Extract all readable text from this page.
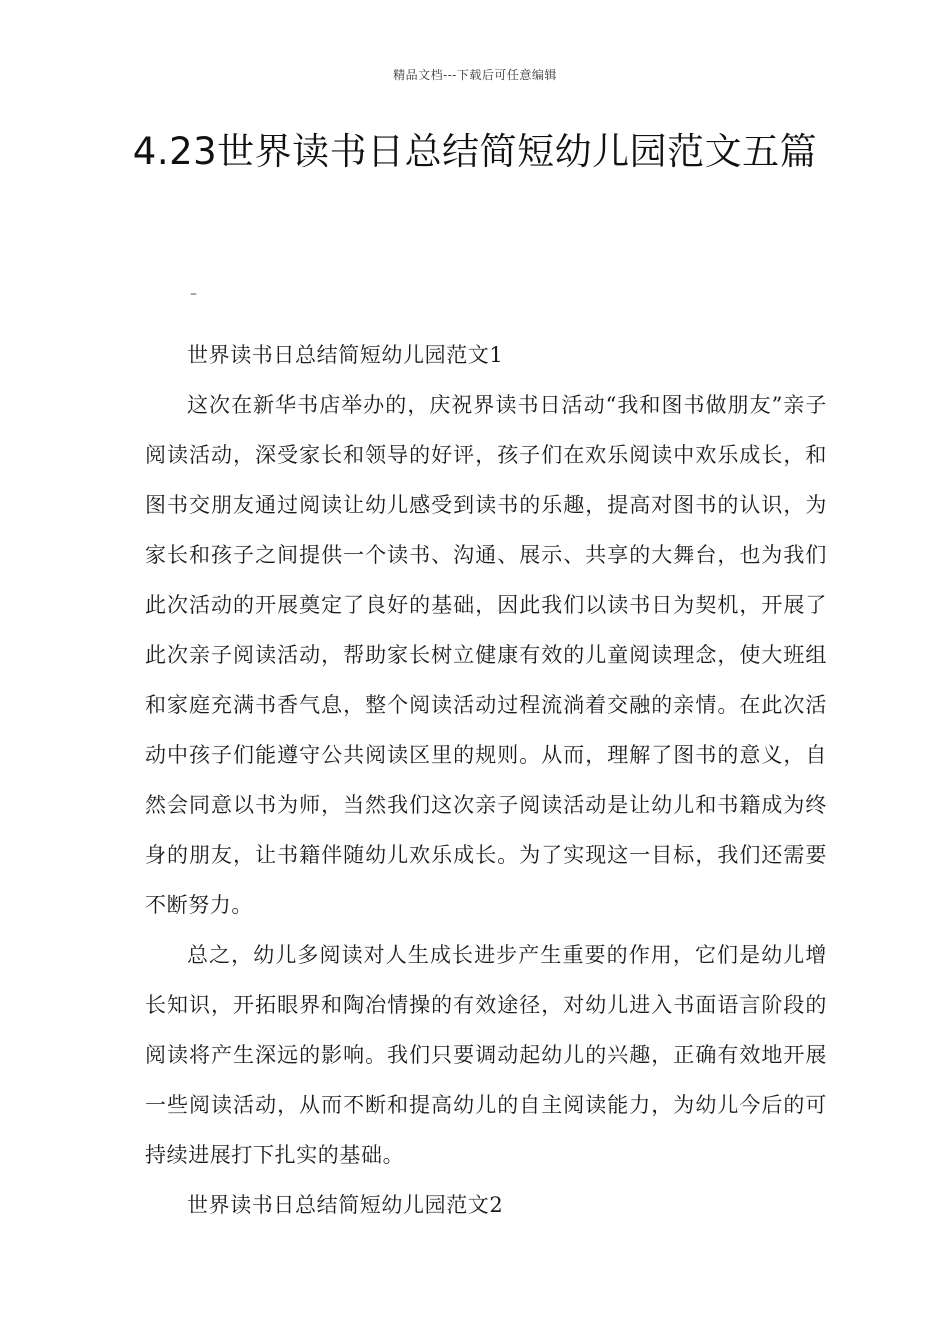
精品文档---下载后可任意编辑
4.23世界读书日总结简短幼儿园范文五篇
–

世界读书日总结简短幼儿园范文1

这次在新华书店举办的，庆祝界读书日活动“我和图书做朋友”亲子阅读活动，深受家长和领导的好评，孩子们在欢乐阅读中欢乐成长，和图书交朋友通过阅读让幼儿感受到读书的乐趣，提高对图书的认识，为家长和孩子之间提供一个读书、沟通、展示、共享的大舞台，也为我们此次活动的开展奠定了良好的基础，因此我们以读书日为契机，开展了此次亲子阅读活动，帮助家长树立健康有效的儿童阅读理念，使大班组和家庭充满书香气息，整个阅读活动过程流淌着交融的亲情。在此次活动中孩子们能遵守公共阅读区里的规则。从而，理解了图书的意义，自然会同意以书为师，当然我们这次亲子阅读活动是让幼儿和书籍成为终身的朋友，让书籍伴随幼儿欢乐成长。为了实现这一目标，我们还需要不断努力。

总之，幼儿多阅读对人生成长进步产生重要的作用，它们是幼儿增长知识，开拓眼界和陶冶情操的有效途径，对幼儿进入书面语言阶段的阅读将产生深远的影响。我们只要调动起幼儿的兴趣，正确有效地开展一些阅读活动，从而不断和提高幼儿的自主阅读能力，为幼儿今后的可持续进展打下扎实的基础。

世界读书日总结简短幼儿园范文2
